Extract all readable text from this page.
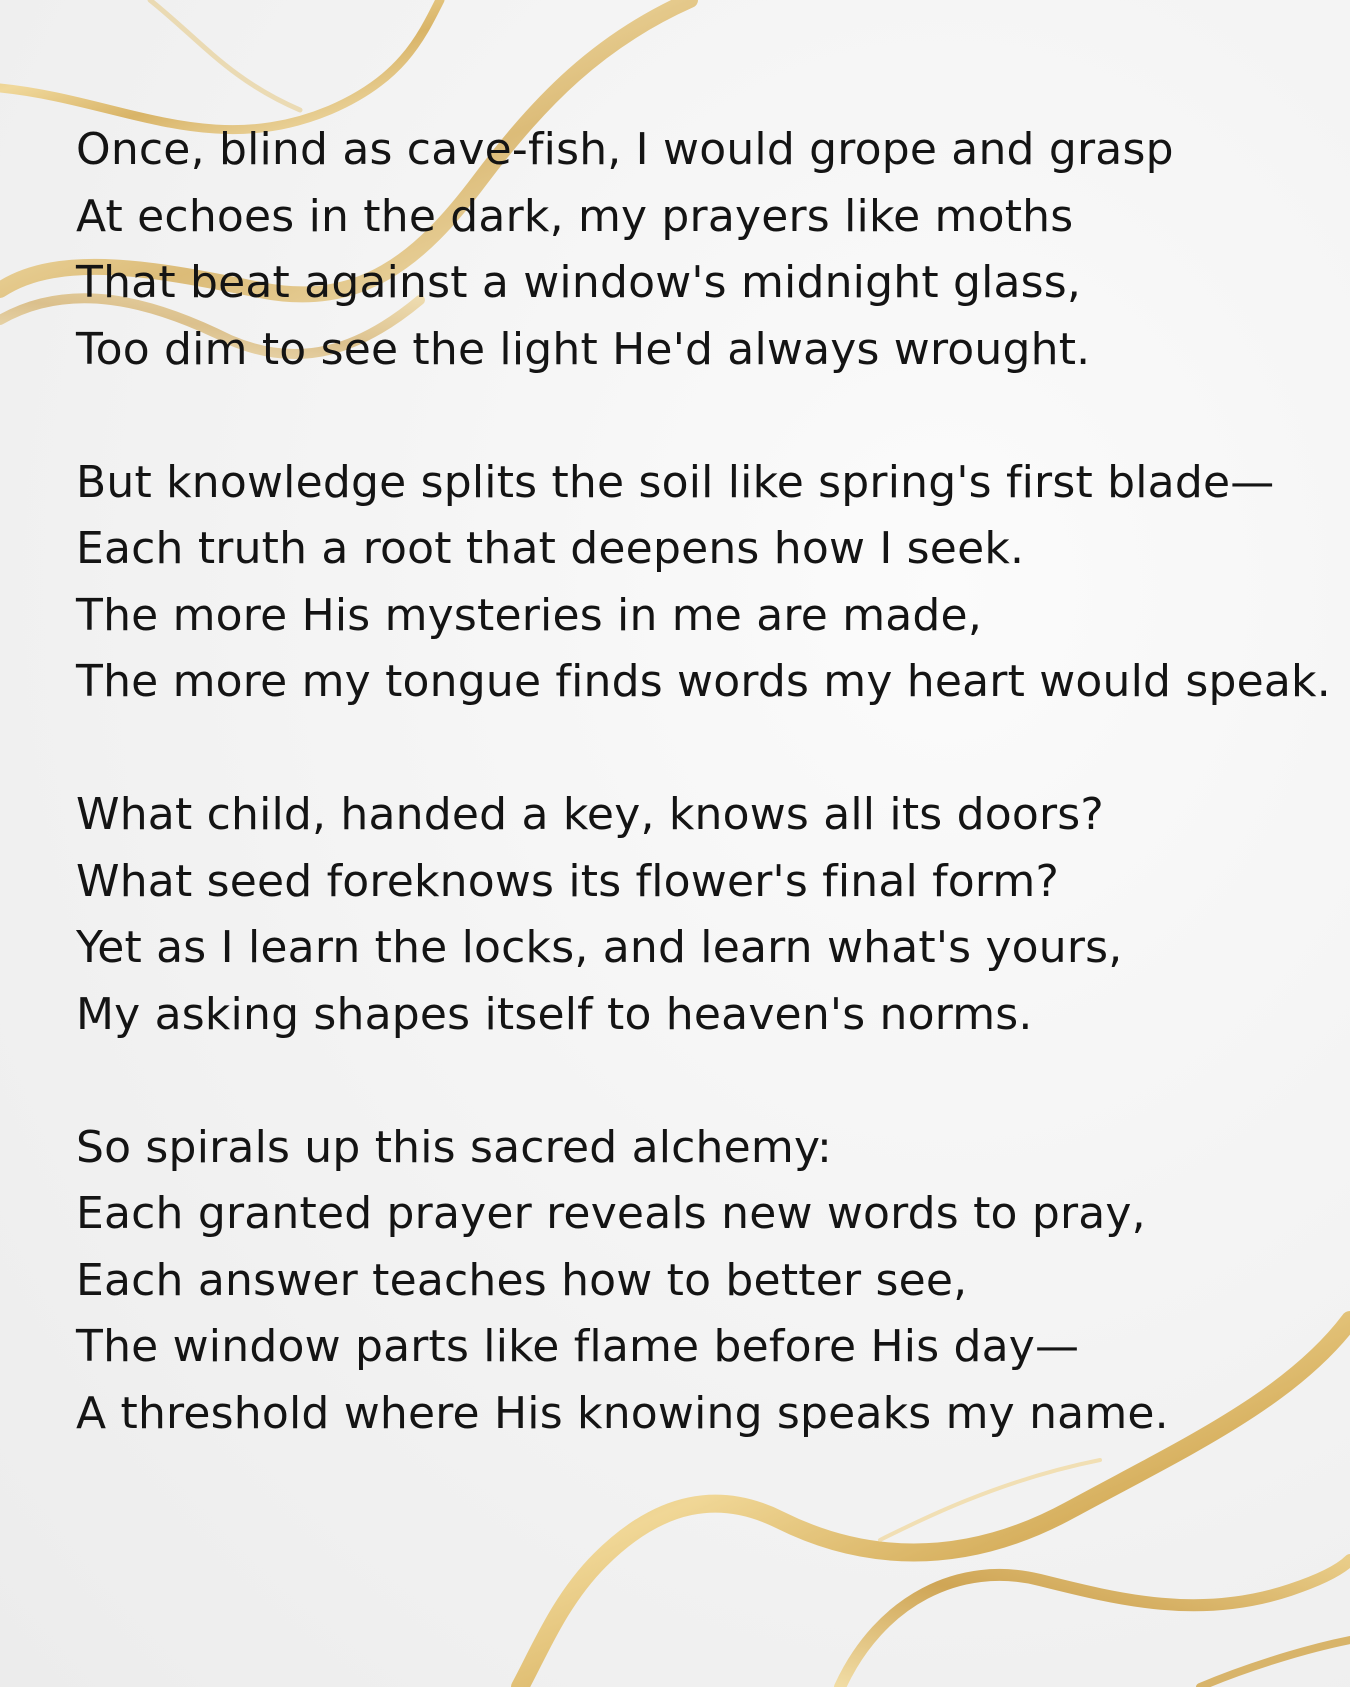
Once, blind as cave-fish, I would grope and grasp
At echoes in the dark, my prayers like moths
That beat against a window's midnight glass,
Too dim to see the light He'd always wrought.
But knowledge splits the soil like spring's first blade—
Each truth a root that deepens how I seek.
The more His mysteries in me are made,
The more my tongue finds words my heart would speak.
What child, handed a key, knows all its doors?
What seed foreknows its flower's final form?
Yet as I learn the locks, and learn what's yours,
My asking shapes itself to heaven's norms.
So spirals up this sacred alchemy:
Each granted prayer reveals new words to pray,
Each answer teaches how to better see,
The window parts like flame before His day—
A threshold where His knowing speaks my name.
